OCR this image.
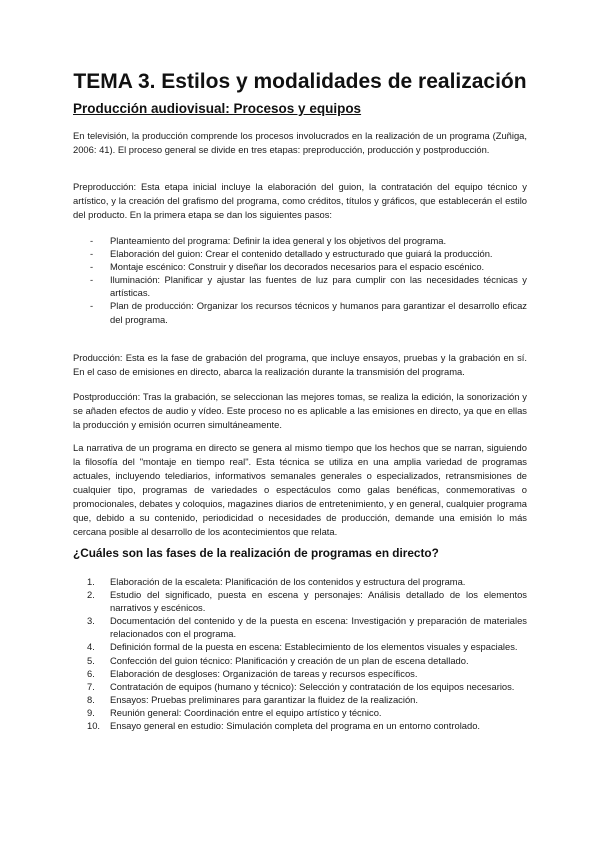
TEMA 3. Estilos y modalidades de realización
Producción audiovisual: Procesos y equipos

En televisión, la producción comprende los procesos involucrados en la realización de un programa (Zuñiga, 2006: 41). El proceso general se divide en tres etapas: preproducción, producción y postproducción.

Preproducción: Esta etapa inicial incluye la elaboración del guion, la contratación del equipo técnico y artístico, y la creación del grafismo del programa, como créditos, títulos y gráficos, que establecerán el estilo del producto. En la primera etapa se dan los siguientes pasos:

- Planteamiento del programa: Definir la idea general y los objetivos del programa.
- Elaboración del guion: Crear el contenido detallado y estructurado que guiará la producción.
- Montaje escénico: Construir y diseñar los decorados necesarios para el espacio escénico.
- Iluminación: Planificar y ajustar las fuentes de luz para cumplir con las necesidades técnicas y artísticas.
- Plan de producción: Organizar los recursos técnicos y humanos para garantizar el desarrollo eficaz del programa.

Producción: Esta es la fase de grabación del programa, que incluye ensayos, pruebas y la grabación en sí. En el caso de emisiones en directo, abarca la realización durante la transmisión del programa.

Postproducción: Tras la grabación, se seleccionan las mejores tomas, se realiza la edición, la sonorización y se añaden efectos de audio y vídeo. Este proceso no es aplicable a las emisiones en directo, ya que en ellas la producción y emisión ocurren simultáneamente.

La narrativa de un programa en directo se genera al mismo tiempo que los hechos que se narran, siguiendo la filosofía del "montaje en tiempo real". Esta técnica se utiliza en una amplia variedad de programas actuales, incluyendo telediarios, informativos semanales generales o especializados, retransmisiones de cualquier tipo, programas de variedades o espectáculos como galas benéficas, conmemorativas o promocionales, debates y coloquios, magazines diarios de entretenimiento, y en general, cualquier programa que, debido a su contenido, periodicidad o necesidades de producción, demande una emisión lo más cercana posible al desarrollo de los acontecimientos que relata.

¿Cuáles son las fases de la realización de programas en directo?
1. Elaboración de la escaleta: Planificación de los contenidos y estructura del programa.
2. Estudio del significado, puesta en escena y personajes: Análisis detallado de los elementos narrativos y escénicos.
3. Documentación del contenido y de la puesta en escena: Investigación y preparación de materiales relacionados con el programa.
4. Definición formal de la puesta en escena: Establecimiento de los elementos visuales y espaciales.
5. Confección del guion técnico: Planificación y creación de un plan de escena detallado.
6. Elaboración de desgloses: Organización de tareas y recursos específicos.
7. Contratación de equipos (humano y técnico): Selección y contratación de los equipos necesarios.
8. Ensayos: Pruebas preliminares para garantizar la fluidez de la realización.
9. Reunión general: Coordinación entre el equipo artístico y técnico.
10. Ensayo general en estudio: Simulación completa del programa en un entorno controlado.
